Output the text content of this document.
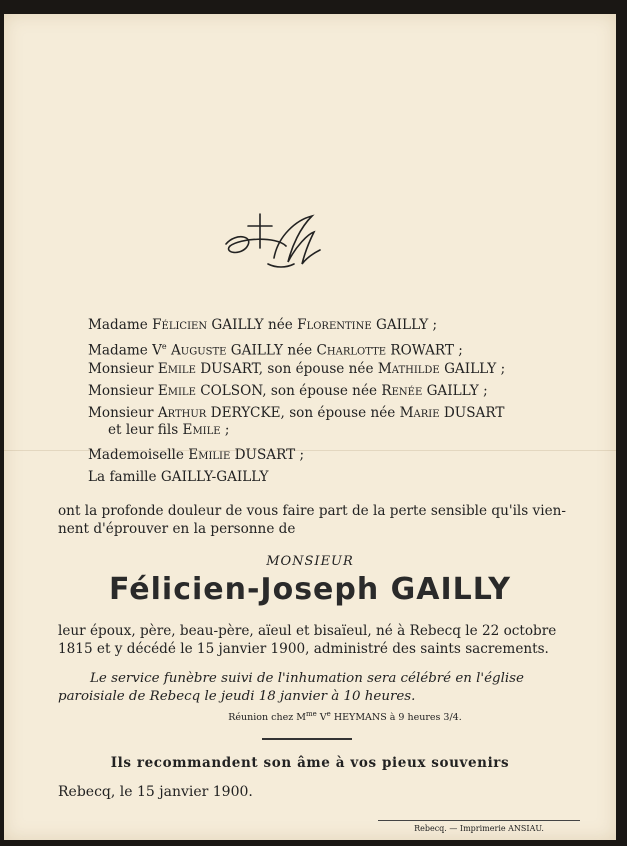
Madame Félicien GAILLY née Florentine GAILLY ;
Madame Ve Auguste GAILLY née Charlotte ROWART ;
Monsieur Emile DUSART, son épouse née Mathilde GAILLY ;
Monsieur Emile COLSON, son épouse née Renée GAILLY ;
Monsieur Arthur DERYCKE, son épouse née Marie DUSART
et leur fils Emile ;
Mademoiselle Emilie DUSART ;
La famille GAILLY-GAILLY
ont la profonde douleur de vous faire part de la perte sensible qu'ils vien-
nent d'éprouver en la personne de
MONSIEUR
Félicien-Joseph GAILLY
leur époux, père, beau-père, aïeul et bisaïeul, né à Rebecq le 22 octobre
1815 et y décédé le 15 janvier 1900, administré des saints sacrements.
Le service funèbre suivi de l'inhumation sera célébré en l'église
paroisiale de Rebecq le jeudi 18 janvier à 10 heures.
Réunion chez $M^{me}$ Ve HEYMANS à 9 heures 3/4.
Ils recommandent son âme à vos pieux souvenirs
Rebecq, le 15 janvier 1900.
Rebecq. — Imprimerie ANSIAU.
